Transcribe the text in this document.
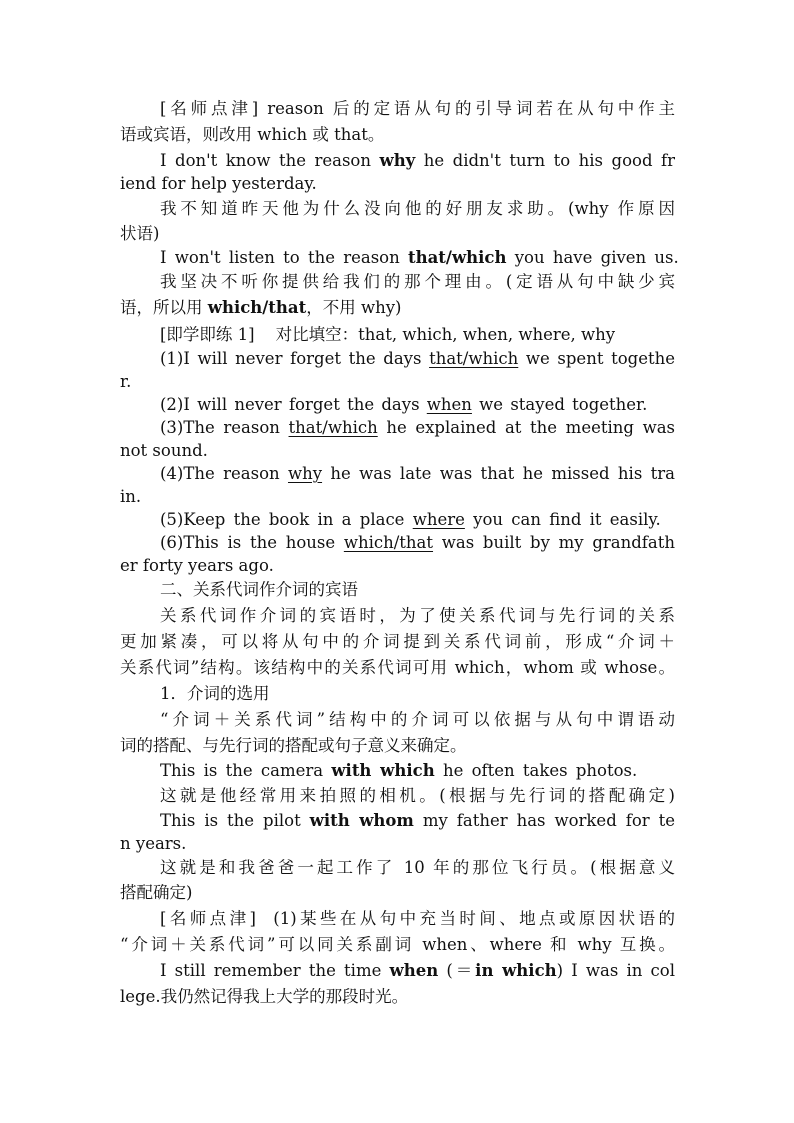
[名师点津] reason 后的定语从句的引导词若在从句中作主
语或宾语，则改用 which 或 that。
I don't know the reason why he didn't turn to his good fr
iend for help yesterday.
我不知道昨天他为什么没向他的好朋友求助。(why 作原因
状语)
I won't listen to the reason that/which you have given us.
我坚决不听你提供给我们的那个理由。(定语从句中缺少宾
语，所以用 which/that，不用 why)
[即学即练 1] 对比填空：that, which, when, where, why
(1)I will never forget the days that/which we spent togethe
r.
(2)I will never forget the days when we stayed together.
(3)The reason that/which he explained at the meeting was
not sound.
(4)The reason why he was late was that he missed his tra
in.
(5)Keep the book in a place where you can find it easily.
(6)This is the house which/that was built by my grandfath
er forty years ago.
二、关系代词作介词的宾语
关系代词作介词的宾语时，为了使关系代词与先行词的关系
更加紧凑，可以将从句中的介词提到关系代词前，形成“介词＋
关系代词”结构。该结构中的关系代词可用 which，whom 或 whose。
1．介词的选用
“介词＋关系代词”结构中的介词可以依据与从句中谓语动
词的搭配、与先行词的搭配或句子意义来确定。
This is the camera with which he often takes photos.
这就是他经常用来拍照的相机。(根据与先行词的搭配确定)
This is the pilot with whom my father has worked for te
n years.
这就是和我爸爸一起工作了 10 年的那位飞行员。(根据意义
搭配确定)
[名师点津] (1)某些在从句中充当时间、地点或原因状语的
“介词＋关系代词”可以同关系副词 when、where 和 why 互换。
I still remember the time when (＝in which) I was in col
lege.我仍然记得我上大学的那段时光。
